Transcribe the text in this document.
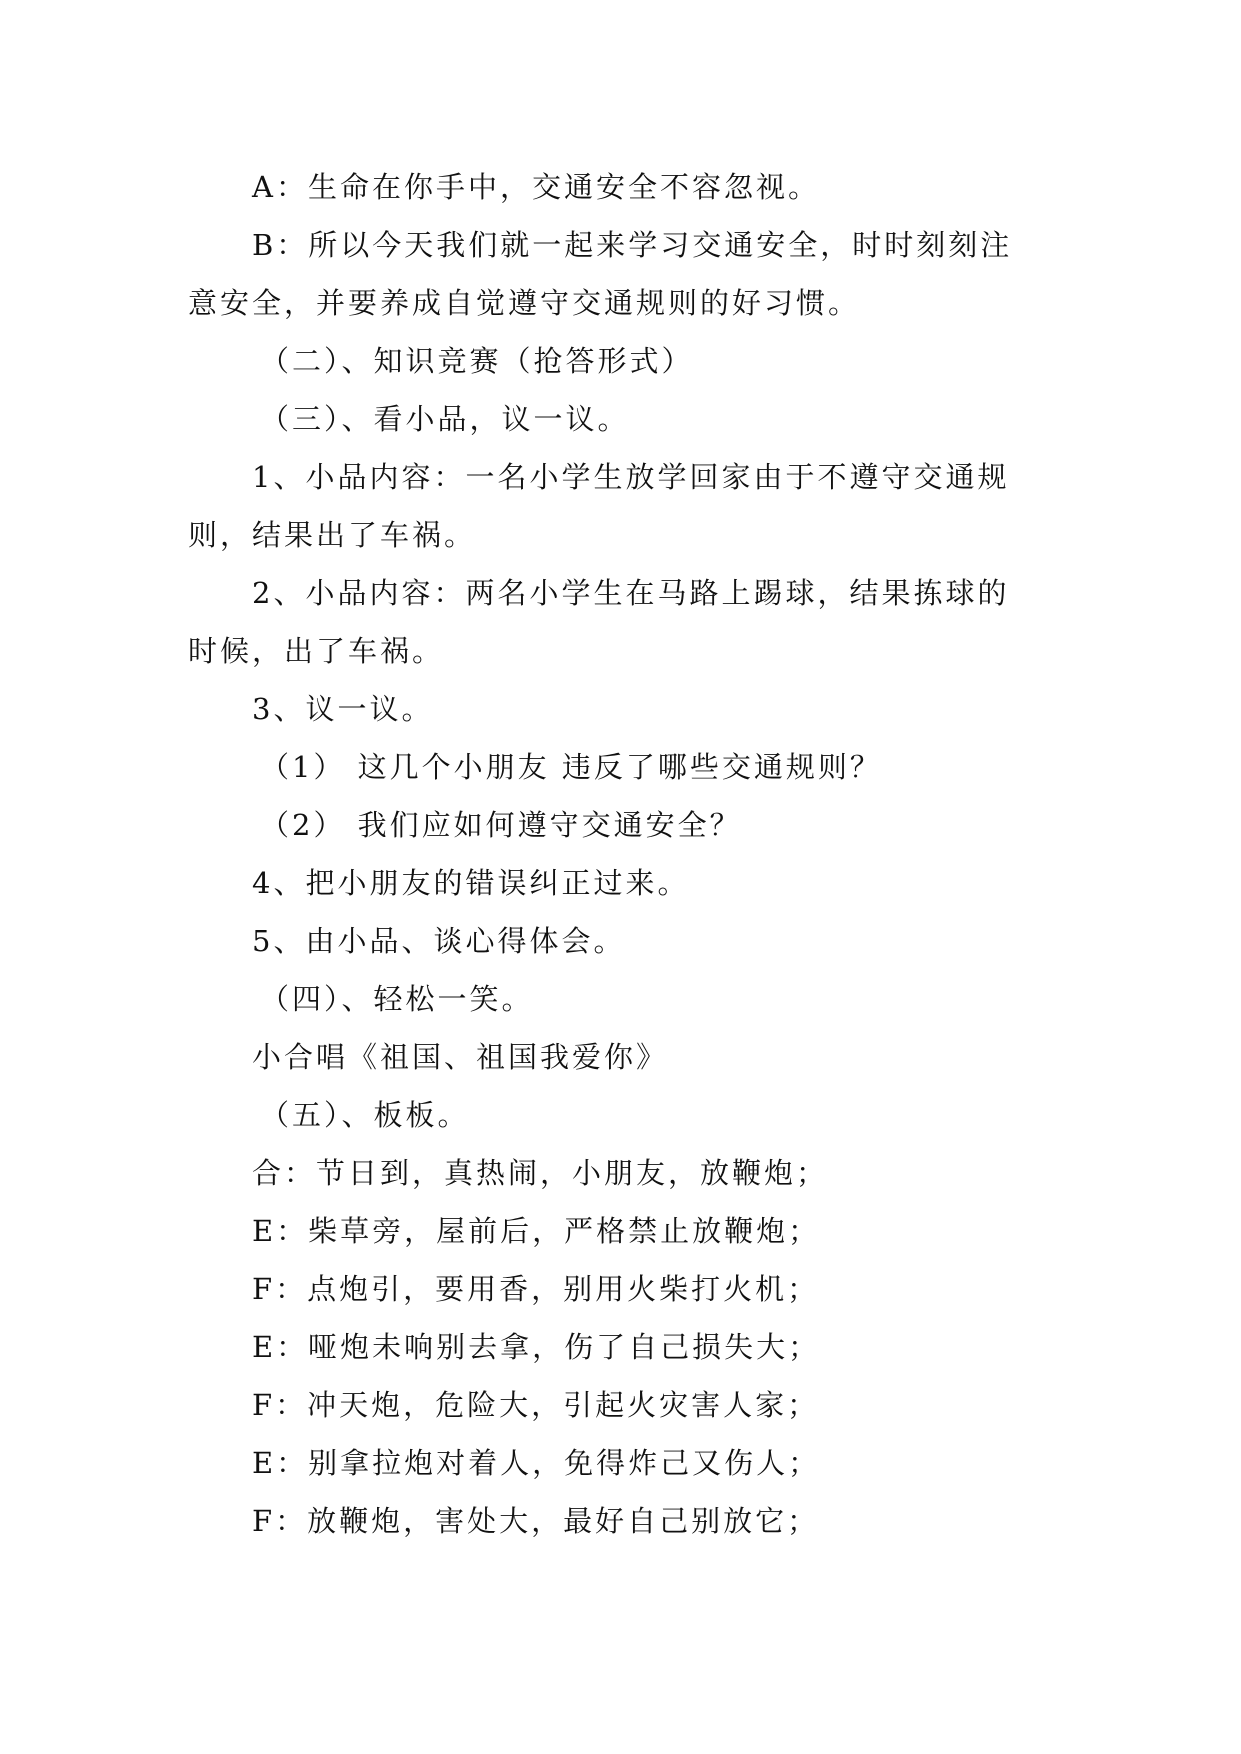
A：生命在你手中，交通安全不容忽视。
B：所以今天我们就一起来学习交通安全，时时刻刻注
意安全，并要养成自觉遵守交通规则的好习惯。
（二）、知识竞赛（抢答形式）
（三）、看小品，议一议。
1、小品内容：一名小学生放学回家由于不遵守交通规
则，结果出了车祸。
2、小品内容：两名小学生在马路上踢球，结果拣球的
时候，出了车祸。
3、议一议。
（1） 这几个小朋友 违反了哪些交通规则？
（2） 我们应如何遵守交通安全？
4、把小朋友的错误纠正过来。
5、由小品、谈心得体会。
（四）、轻松一笑。
小合唱《祖国、祖国我爱你》
（五）、板板。
合：节日到，真热闹，小朋友，放鞭炮；
E：柴草旁，屋前后，严格禁止放鞭炮；
F：点炮引，要用香，别用火柴打火机；
E：哑炮未响别去拿，伤了自己损失大；
F：冲天炮，危险大，引起火灾害人家；
E：别拿拉炮对着人，免得炸己又伤人；
F：放鞭炮，害处大，最好自己别放它；
